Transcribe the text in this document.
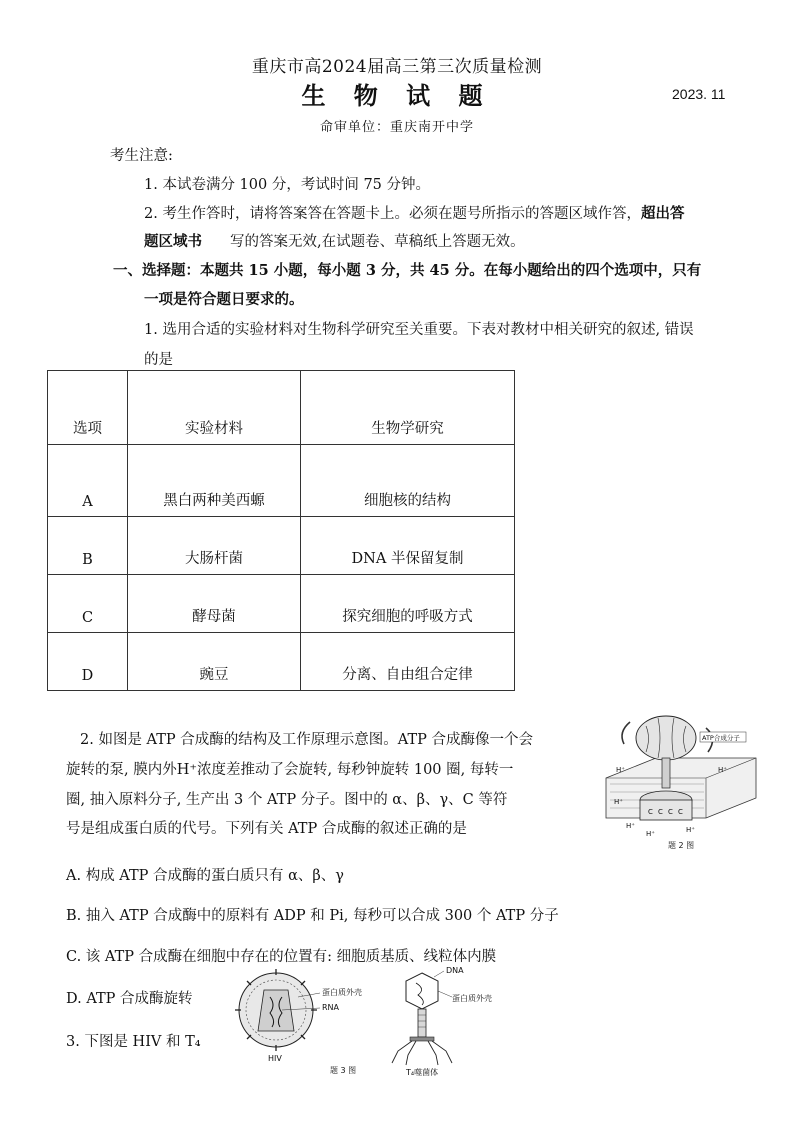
重庆市高2024届高三第三次质量检测
生 物 试 题	2023. 11
命审单位：重庆南开中学
考生注意:
1. 本试卷满分 100 分，考试时间 75 分钟。
2. 考生作答时，请将答案答在答题卡上。必须在题号所指示的答题区域作答，超出答
题区域书 写的答案无效,在试题卷、草稿纸上答题无效。
一、选择题：本题共 15 小题，每小题 3 分，共 45 分。在每小题给出的四个选项中，只有
一项是符合题日要求的。
1. 选用合适的实验材料对生物科学研究至关重要。下表对教材中相关研究的叙述, 错误
的是
选项	实验材料	生物学研究
A	黑白两种美西螈	细胞核的结构
B	大肠杆菌	DNA 半保留复制
C	酵母菌	探究细胞的呼吸方式
D	豌豆	分离、自由组合定律
2. 如图是 ATP 合成酶的结构及工作原理示意图。ATP 合成酶像一个会
旋转的泵, 膜内外H⁺浓度差推动了会旋转, 每秒钟旋转 100 圈, 每转一
圈, 抽入原料分子, 生产出 3 个 ATP 分子。图中的 α、β、γ、C 等符
号是组成蛋白质的代号。下列有关 ATP 合成酶的叙述正确的是
C C C C
H⁺	H⁺
H⁺
H⁺	H⁺
H⁺
ATP合成分子
题 2 图
A. 构成 ATP 合成酶的蛋白质只有 α、β、γ
B. 抽入 ATP 合成酶中的原料有 ADP 和 Pi, 每秒可以合成 300 个 ATP 分子
C. 该 ATP 合成酶在细胞中存在的位置有: 细胞质基质、线粒体内膜
D. ATP 合成酶旋转
3. 下图是 HIV 和 T₄
蛋白质外壳
RNA
HIV
题 3 图
DNA
蛋白质外壳
T₄噬菌体
